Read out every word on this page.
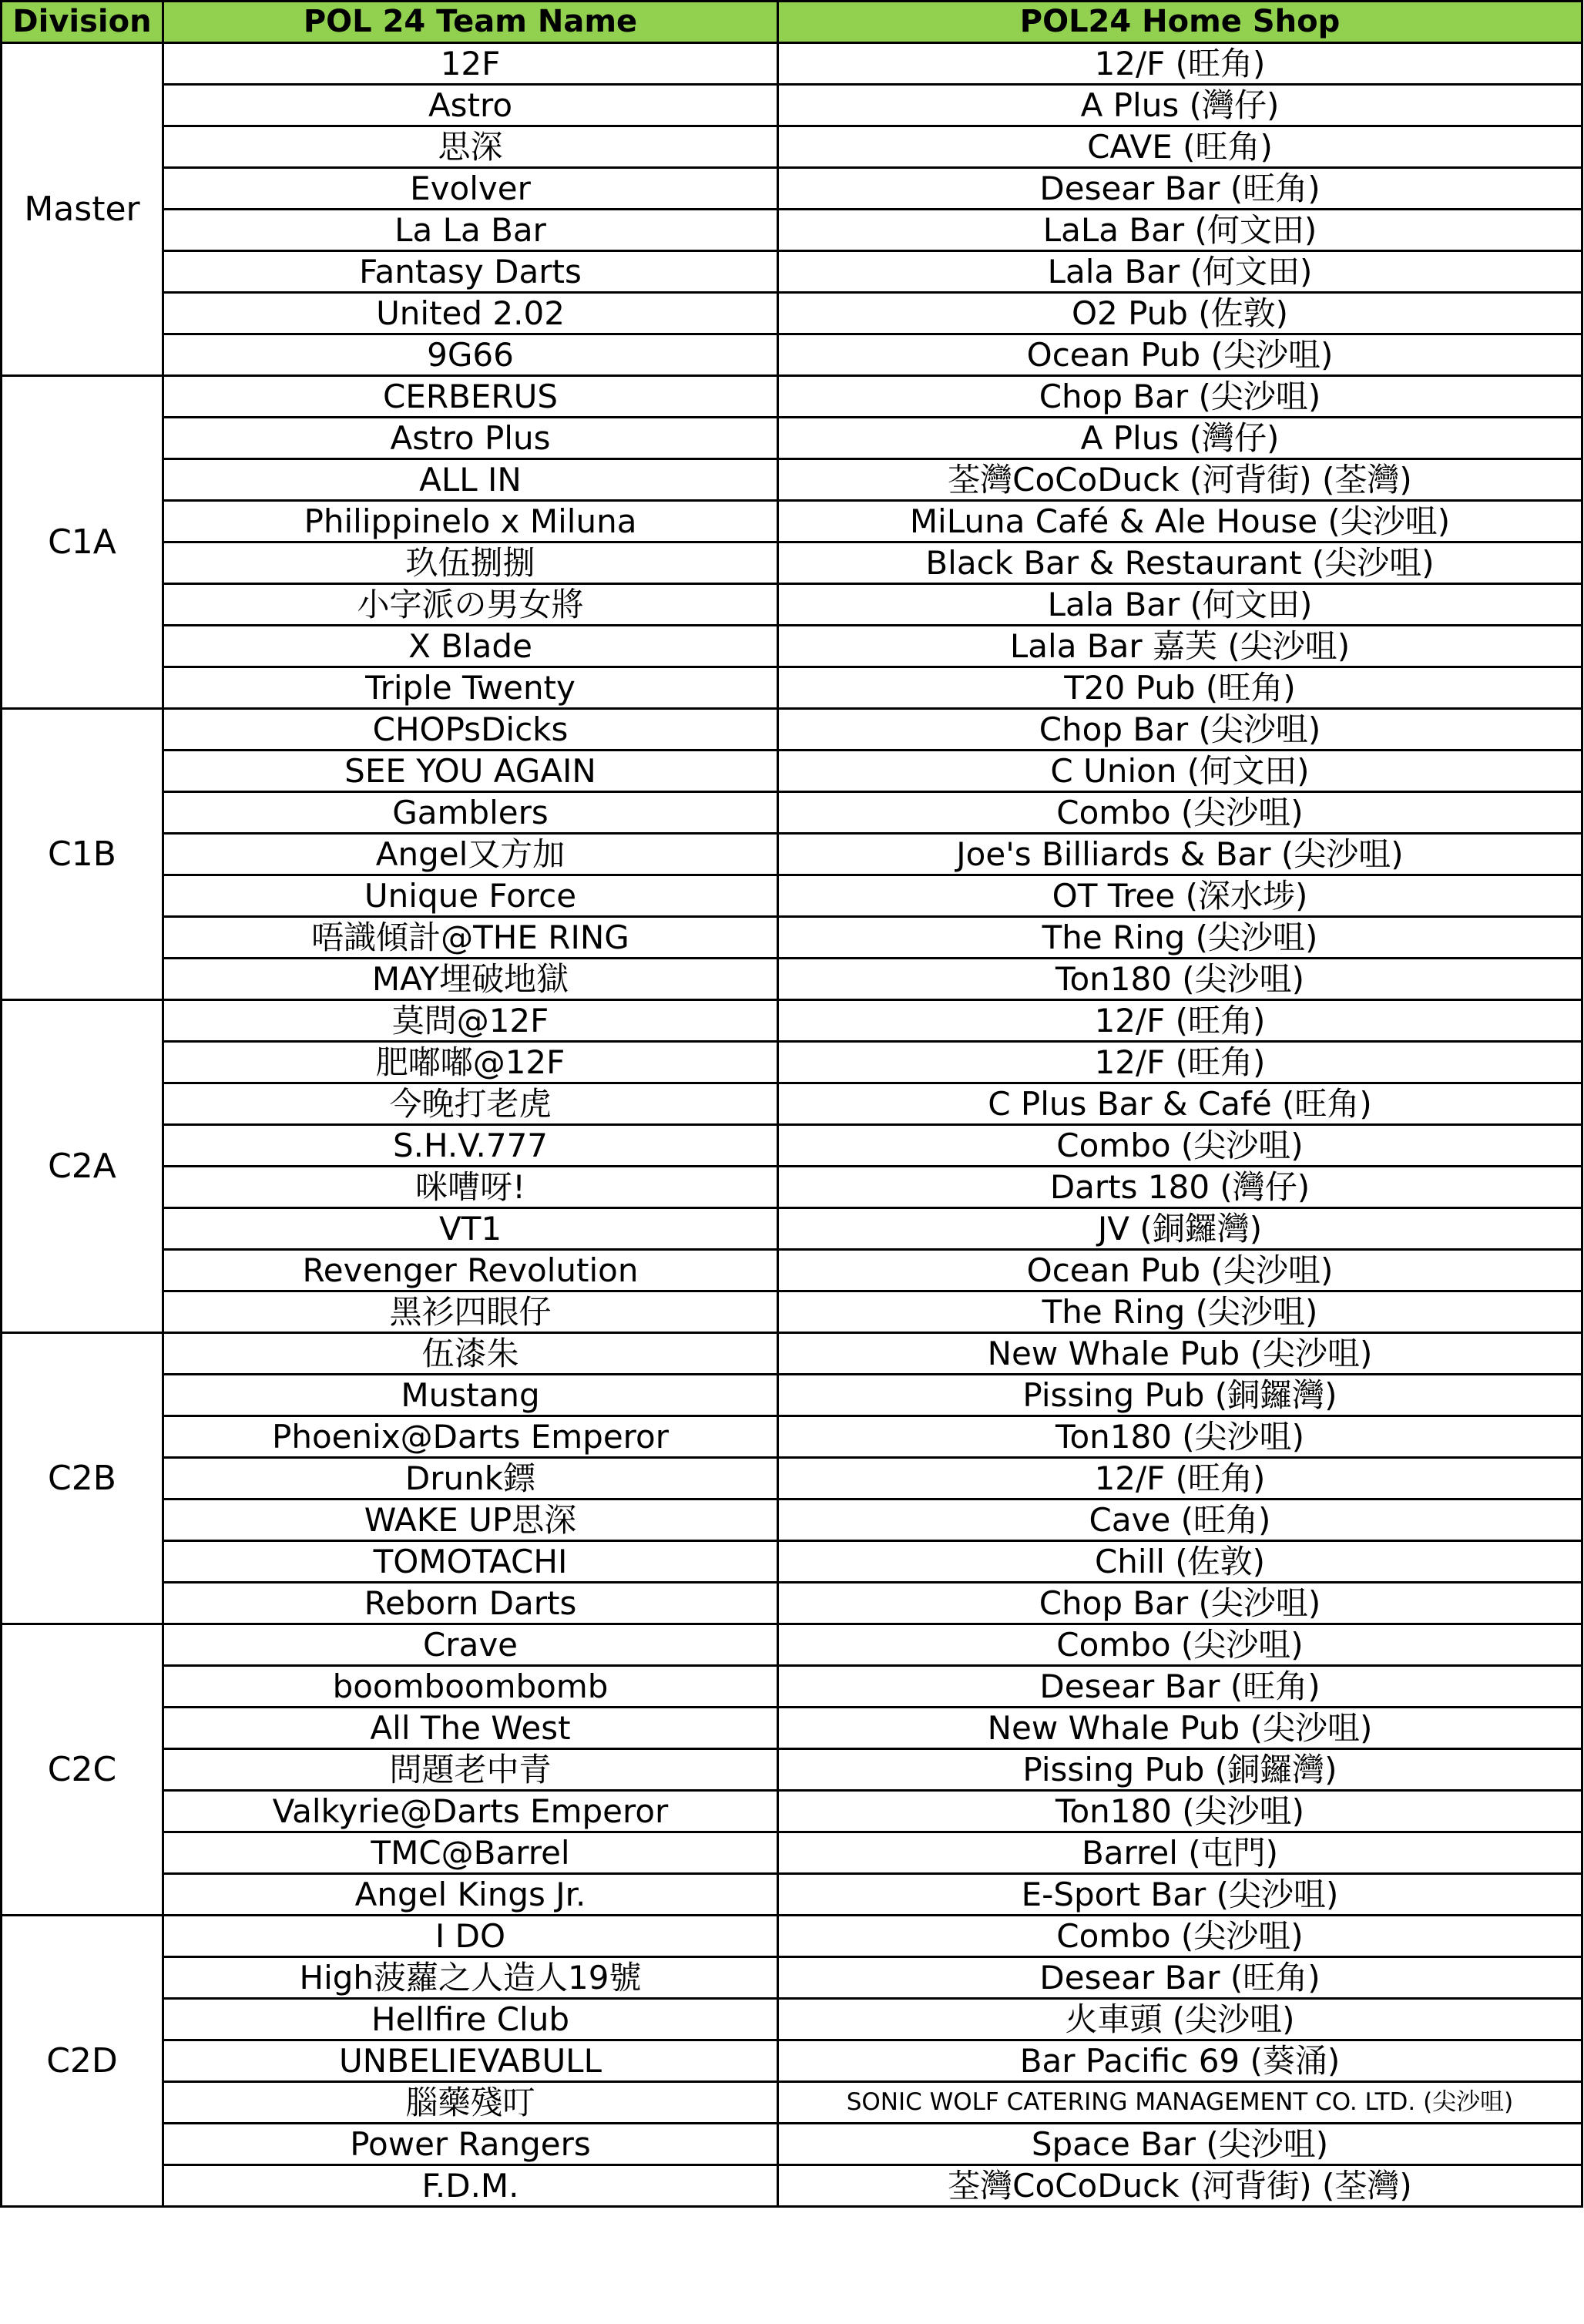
Division	POL 24 Team Name	POL24 Home Shop
Master	12F	12/F (旺角)
	Astro	A Plus (灣仔)
	思深	CAVE (旺角)
	Evolver	Desear Bar (旺角)
	La La Bar	LaLa Bar (何文田)
	Fantasy Darts	Lala Bar (何文田)
	United 2.02	O2 Pub (佐敦)
	9G66	Ocean Pub (尖沙咀)
C1A	CERBERUS	Chop Bar (尖沙咀)
	Astro Plus	A Plus (灣仔)
	ALL IN	荃灣CoCoDuck (河背街) (荃灣)
	Philippinelo x Miluna	MiLuna Café & Ale House (尖沙咀)
	玖伍捌捌	Black Bar & Restaurant (尖沙咀)
	小字派の男女將	Lala Bar (何文田)
	X Blade	Lala Bar 嘉芙 (尖沙咀)
	Triple Twenty	T20 Pub (旺角)
C1B	CHOPsDicks	Chop Bar (尖沙咀)
	SEE YOU AGAIN	C Union (何文田)
	Gamblers	Combo (尖沙咀)
	Angel又方加	Joe's Billiards & Bar (尖沙咀)
	Unique Force	OT Tree (深水埗)
	唔識傾計@THE RING	The Ring (尖沙咀)
	MAY埋破地獄	Ton180 (尖沙咀)
C2A	莫問@12F	12/F (旺角)
	肥嘟嘟@12F	12/F (旺角)
	今晚打老虎	C Plus Bar & Café (旺角)
	S.H.V.777	Combo (尖沙咀)
	咪嘈呀!	Darts 180 (灣仔)
	VT1	JV (銅鑼灣)
	Revenger Revolution	Ocean Pub (尖沙咀)
	黑衫四眼仔	The Ring (尖沙咀)
C2B	伍漆朱	New Whale Pub (尖沙咀)
	Mustang	Pissing Pub (銅鑼灣)
	Phoenix@Darts Emperor	Ton180 (尖沙咀)
	Drunk鏢	12/F (旺角)
	WAKE UP思深	Cave (旺角)
	TOMOTACHI	Chill (佐敦)
	Reborn Darts	Chop Bar (尖沙咀)
C2C	Crave	Combo (尖沙咀)
	boomboombomb	Desear Bar (旺角)
	All The West	New Whale Pub (尖沙咀)
	問題老中青	Pissing Pub (銅鑼灣)
	Valkyrie@Darts Emperor	Ton180 (尖沙咀)
	TMC@Barrel	Barrel (屯門)
	Angel Kings Jr.	E-Sport Bar (尖沙咀)
C2D	I DO	Combo (尖沙咀)
	High菠蘿之人造人19號	Desear Bar (旺角)
	Hellfire Club	火車頭 (尖沙咀)
	UNBELIEVABULL	Bar Pacific 69 (葵涌)
	腦藥殘叮	SONIC WOLF CATERING MANAGEMENT CO. LTD. (尖沙咀)
	Power Rangers	Space Bar (尖沙咀)
	F.D.M.	荃灣CoCoDuck (河背街) (荃灣)
